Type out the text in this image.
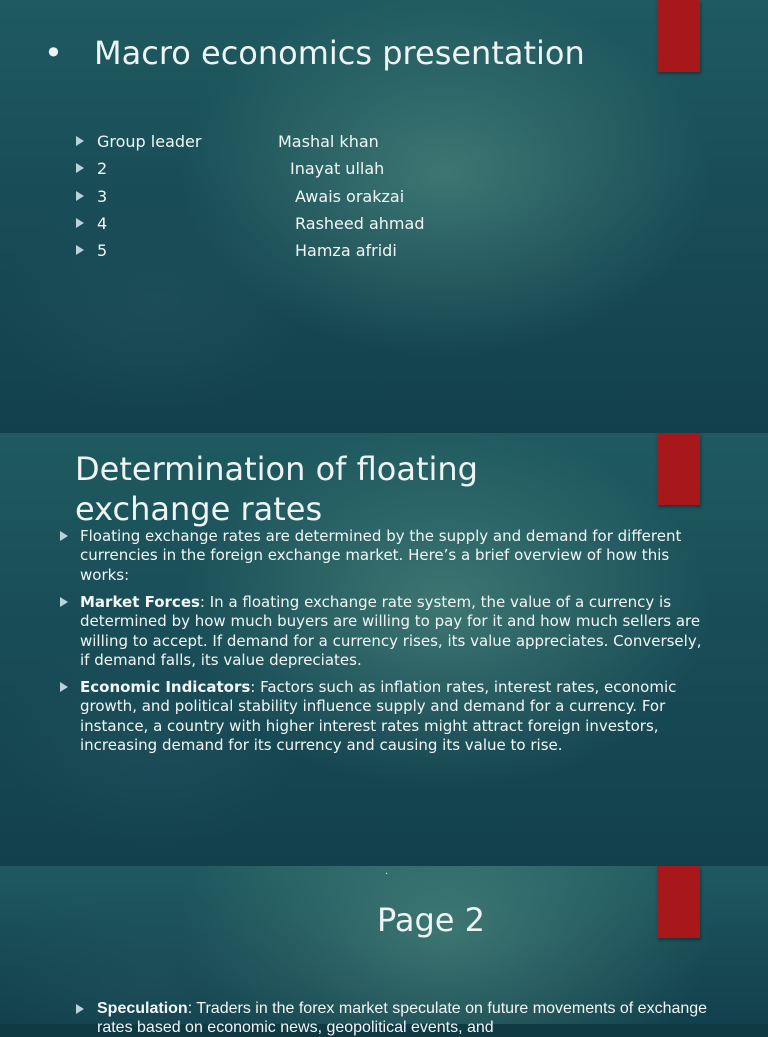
• Macro economics presentation
Group leader	Mashal khan
2	Inayat ullah
3	Awais orakzai
4	Rasheed ahmad
5	Hamza afridi
Determination of floating exchange rates
Floating exchange rates are determined by the supply and demand for different currencies in the foreign exchange market. Here’s a brief overview of how this works:
Market Forces: In a floating exchange rate system, the value of a currency is determined by how much buyers are willing to pay for it and how much sellers are willing to accept. If demand for a currency rises, its value appreciates. Conversely, if demand falls, its value depreciates.
Economic Indicators: Factors such as inflation rates, interest rates, economic growth, and political stability influence supply and demand for a currency. For instance, a country with higher interest rates might attract foreign investors, increasing demand for its currency and causing its value to rise.
.
Page 2
Speculation: Traders in the forex market speculate on future movements of exchange rates based on economic news, geopolitical events, and
